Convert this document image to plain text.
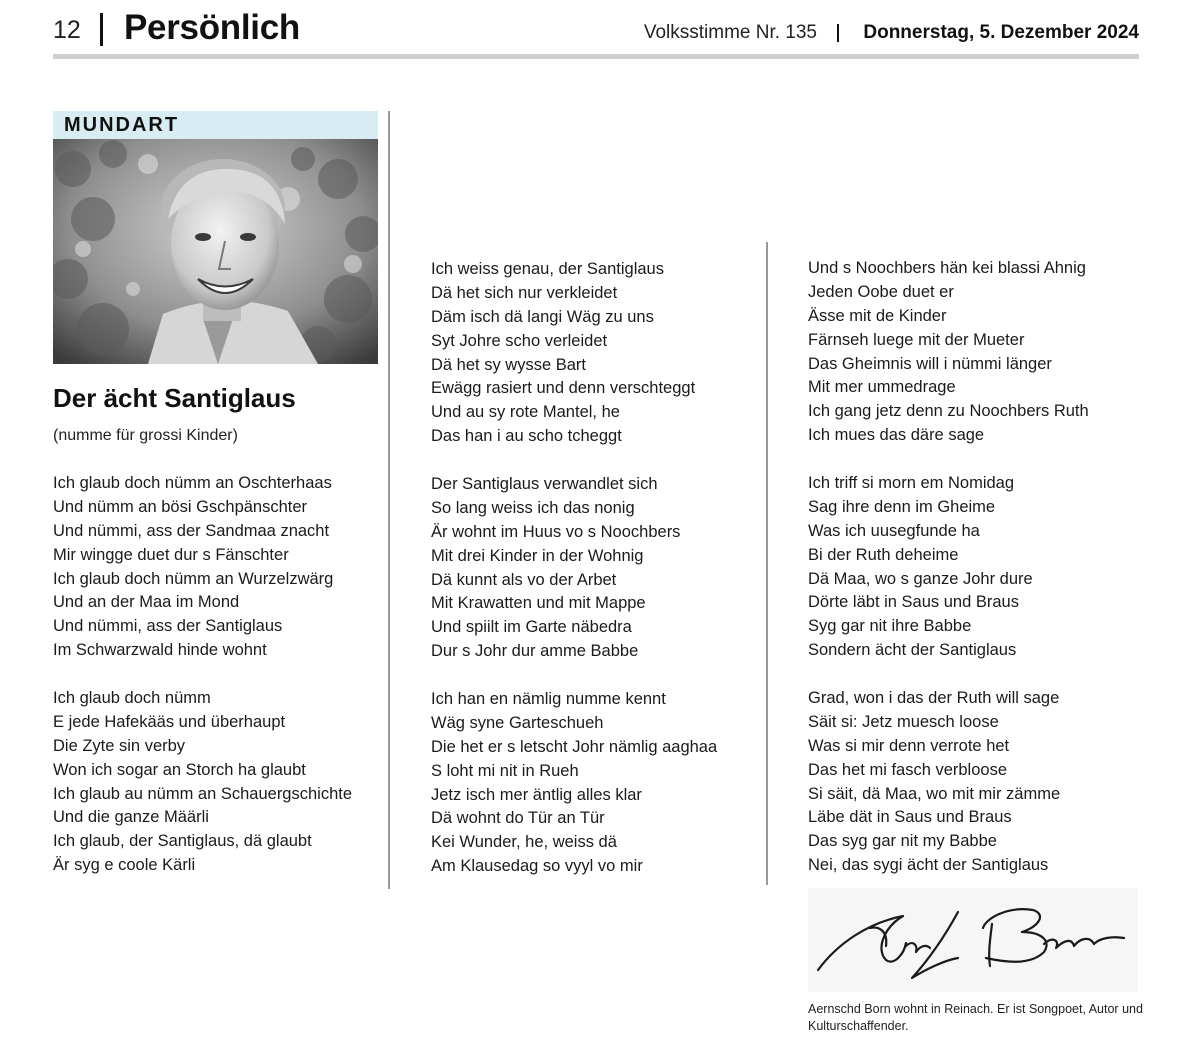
12 Persönlich	Volksstimme Nr. 135 Donnerstag, 5. Dezember 2024
MUNDART
Der ächt Santiglaus
(numme für grossi Kinder)
Ich glaub doch nümm an Oschterhaas
Und nümm an bösi Gschpänschter
Und nümmi, ass der Sandmaa znacht
Mir wingge duet dur s Fänschter
Ich glaub doch nümm an Wurzelzwärg
Und an der Maa im Mond
Und nümmi, ass der Santiglaus
Im Schwarzwald hinde wohnt
Ich glaub doch nümm
E jede Hafekääs und überhaupt
Die Zyte sin verby
Won ich sogar an Storch ha glaubt
Ich glaub au nümm an Schauergschichte
Und die ganze Määrli
Ich glaub, der Santiglaus, dä glaubt
Är syg e coole Kärli
Ich weiss genau, der Santiglaus
Dä het sich nur verkleidet
Däm isch dä langi Wäg zu uns
Syt Johre scho verleidet
Dä het sy wysse Bart
Ewägg rasiert und denn verschteggt
Und au sy rote Mantel, he
Das han i au scho tcheggt
Der Santiglaus verwandlet sich
So lang weiss ich das nonig
Är wohnt im Huus vo s Noochbers
Mit drei Kinder in der Wohnig
Dä kunnt als vo der Arbet
Mit Krawatten und mit Mappe
Und spiilt im Garte näbedra
Dur s Johr dur amme Babbe
Ich han en nämlig numme kennt
Wäg syne Garteschueh
Die het er s letscht Johr nämlig aaghaa
S loht mi nit in Rueh
Jetz isch mer äntlig alles klar
Dä wohnt do Tür an Tür
Kei Wunder, he, weiss dä
Am Klausedag so vyyl vo mir
Und s Noochbers hän kei blassi Ahnig
Jeden Oobe duet er
Ässe mit de Kinder
Färnseh luege mit der Mueter
Das Gheimnis will i nümmi länger
Mit mer ummedrage
Ich gang jetz denn zu Noochbers Ruth
Ich mues das däre sage
Ich triff si morn em Nomidag
Sag ihre denn im Gheime
Was ich uusegfunde ha
Bi der Ruth deheime
Dä Maa, wo s ganze Johr dure
Dörte läbt in Saus und Braus
Syg gar nit ihre Babbe
Sondern ächt der Santiglaus
Grad, won i das der Ruth will sage
Säit si: Jetz muesch loose
Was si mir denn verrote het
Das het mi fasch verbloose
Si säit, dä Maa, wo mit mir zämme
Läbe dät in Saus und Braus
Das syg gar nit my Babbe
Nei, das sygi ächt der Santiglaus
Aernschd Born wohnt in Reinach. Er ist Songpoet, Autor und Kulturschaffender.
